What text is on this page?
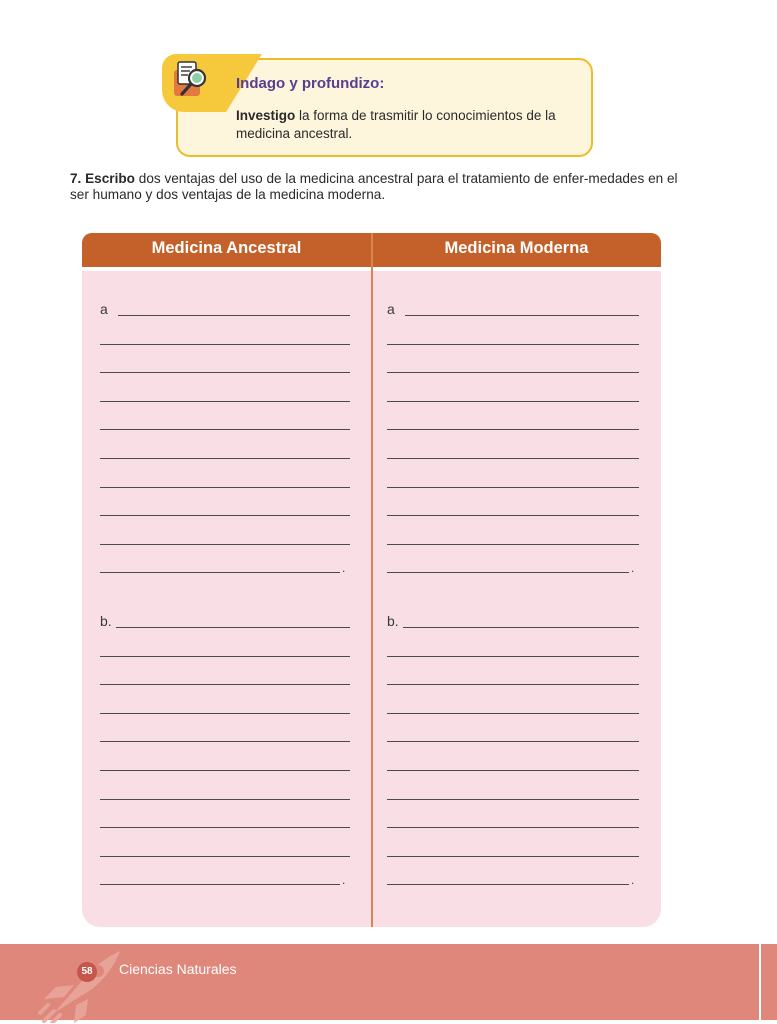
Indago y profundizo:

Investigo la forma de trasmitir lo conocimientos de la medicina ancestral.

7. Escribo dos ventajas del uso de la medicina ancestral para el tratamiento de enfer-medades en el ser humano y dos ventajas de la medicina moderna.

Medicina Ancestral	Medicina Moderna
a
.
a
.
b.
.
b.
.
58	Ciencias Naturales
